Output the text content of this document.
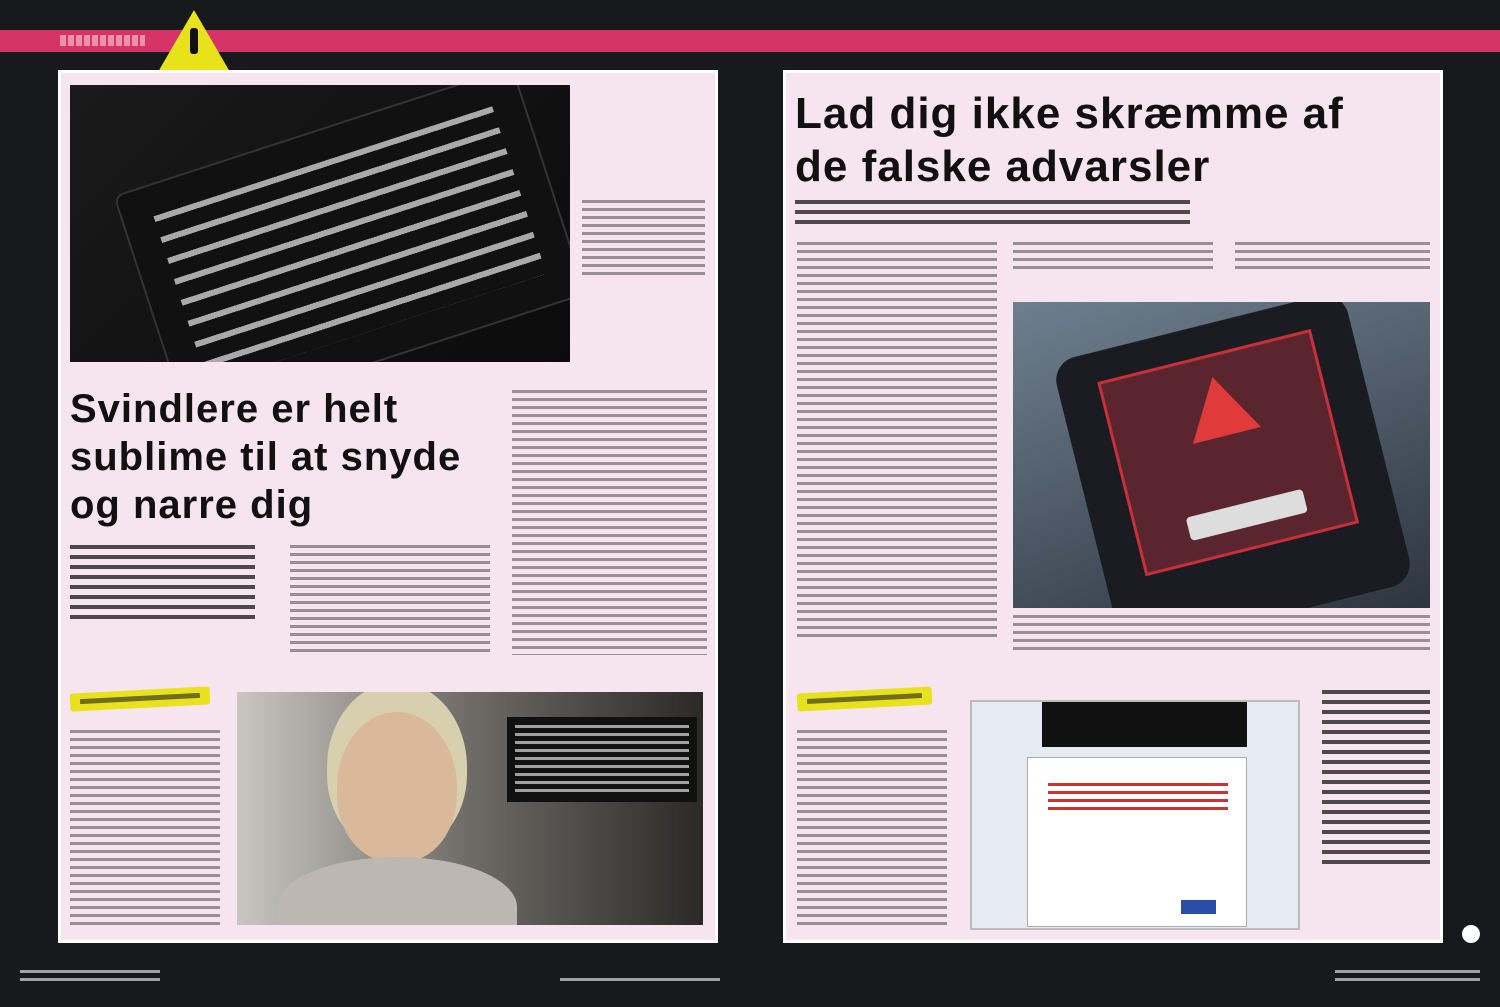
Svindlere er helt sublime til at snyde og narre dig
Lad dig ikke skræmme af de falske advarsler
